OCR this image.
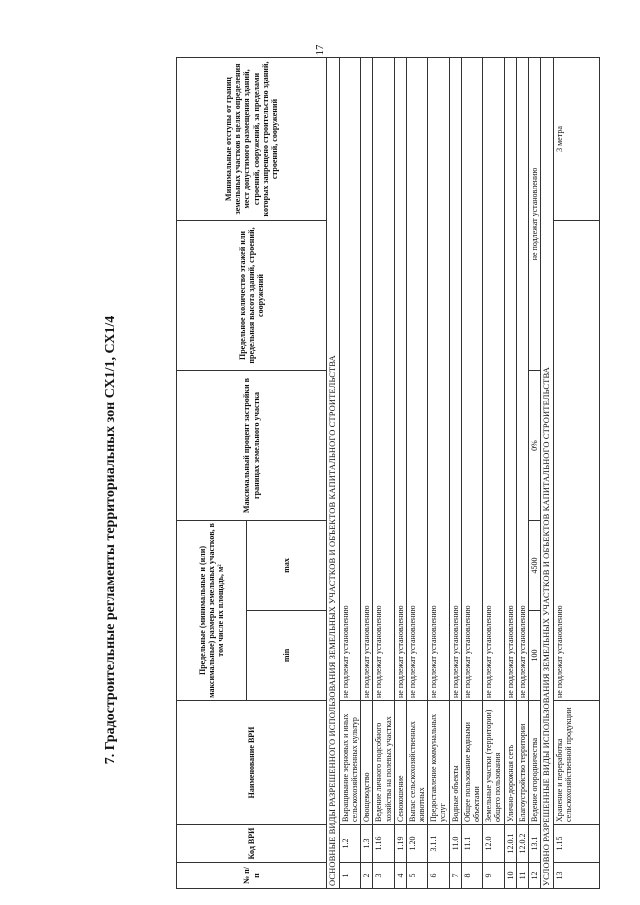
17
7. Градостроительные регламенты территориальных зон СХ1/1, СХ1/4
№ п/п	Код ВРИ	Наименование ВРИ	Предельные (минимальные и (или) максимальные) размеры земельных участков, в том числе их площадь, м²		Максимальный процент застройки в границах земельного участка	Предельное количество этажей или предельная высота зданий, строений, сооружений	Минимальные отступы от границ земельных участков в целях определения мест допустимого размещения зданий, строений, сооружений, за пределами которых запрещено строительство зданий, строений, сооружений
			min	max			
ОСНОВНЫЕ ВИДЫ РАЗРЕШЕННОГО ИСПОЛЬЗОВАНИЯ ЗЕМЕЛЬНЫХ УЧАСТКОВ И ОБЪЕКТОВ КАПИТАЛЬНОГО СТРОИТЕЛЬСТВА							
1	1.2	Выращивание зерновых и иных сельскохозяйственных культур	не подлежат установлению				
2	1.3	Овощеводство	не подлежат установлению				
3	1.16	Ведение личного подсобного хозяйства на полевых участках	не подлежат установлению				
4	1.19	Сенокошение	не подлежат установлению				
5	1.20	Выпас сельскохозяйственных животных	не подлежат установлению				
6	3.1.1	Предоставление коммунальных услуг	не подлежат установлению				
7	11.0	Водные объекты	не подлежат установлению				
8	11.1	Общее пользование водными объектами	не подлежат установлению				
9	12.0	Земельные участки (территории) общего пользования	не подлежат установлению				
10	12.0.1	Улично-дорожная сеть	не подлежат установлению				
11	12.0.2	Благоустройство территории	не подлежат установлению				
12	13.1	Ведение огородничества	100	4500	0%	не подлежат установлению	
УСЛОВНО РАЗРЕШЕННЫЕ ВИДЫ ИСПОЛЬЗОВАНИЯ ЗЕМЕЛЬНЫХ УЧАСТКОВ И ОБЪЕКТОВ КАПИТАЛЬНОГО СТРОИТЕЛЬСТВА							
13	1.15	Хранение и переработка сельскохозяйственной продукции	не подлежат установлению				3 метра
